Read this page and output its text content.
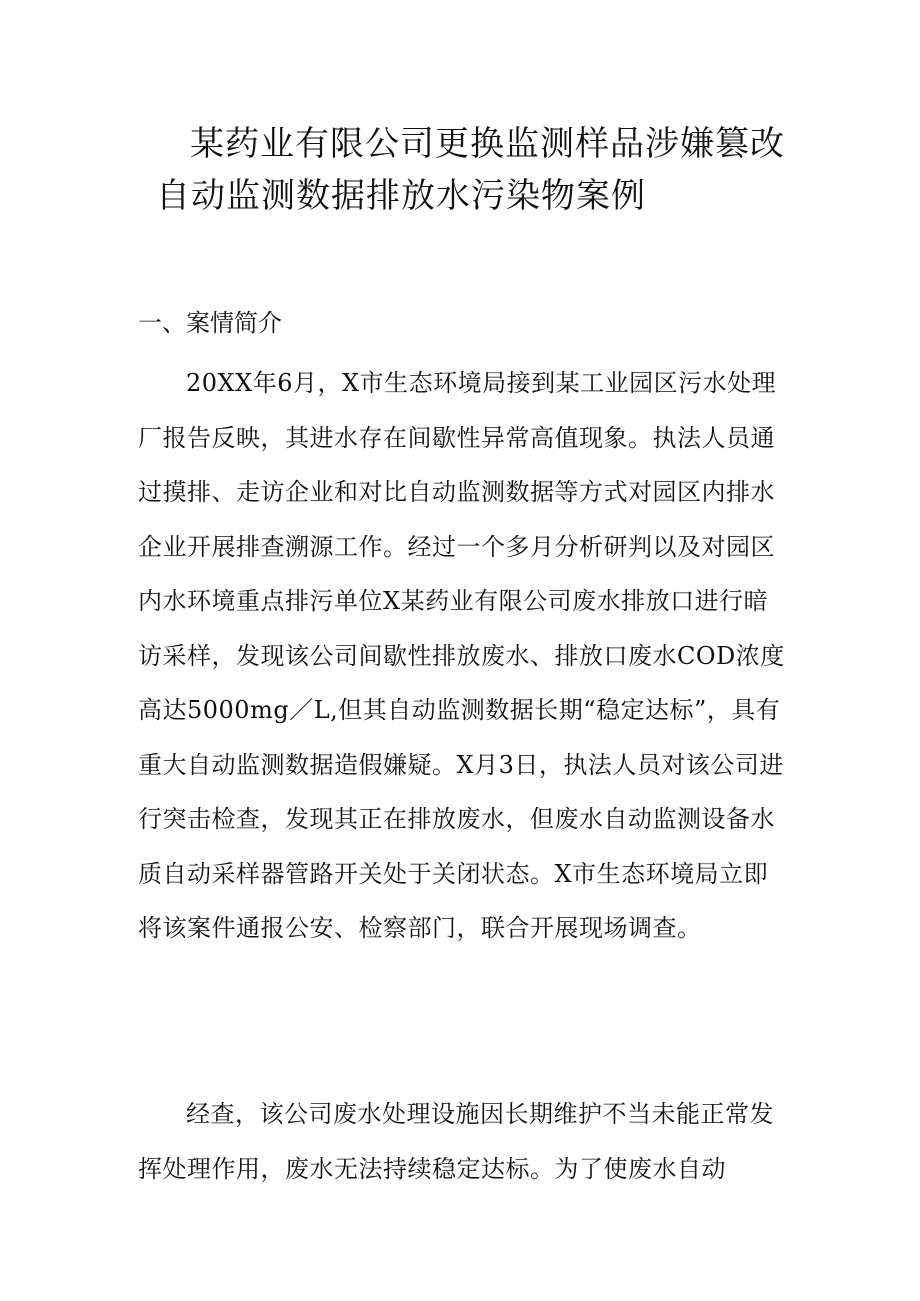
某药业有限公司更换监测样品涉嫌篡改
自动监测数据排放水污染物案例
一、案情简介

20XX年6月，X市生态环境局接到某工业园区污水处理厂报告反映，其进水存在间歇性异常高值现象。执法人员通过摸排、走访企业和对比自动监测数据等方式对园区内排水企业开展排查溯源工作。经过一个多月分析研判以及对园区内水环境重点排污单位X某药业有限公司废水排放口进行暗访采样，发现该公司间歇性排放废水、排放口废水COD浓度高达5000mg／L,但其自动监测数据长期“稳定达标”，具有重大自动监测数据造假嫌疑。X月3日，执法人员对该公司进行突击检查，发现其正在排放废水，但废水自动监测设备水质自动采样器管路开关处于关闭状态。X市生态环境局立即将该案件通报公安、检察部门，联合开展现场调查。

经查，该公司废水处理设施因长期维护不当未能正常发挥处理作用，废水无法持续稳定达标。为了使废水自动
